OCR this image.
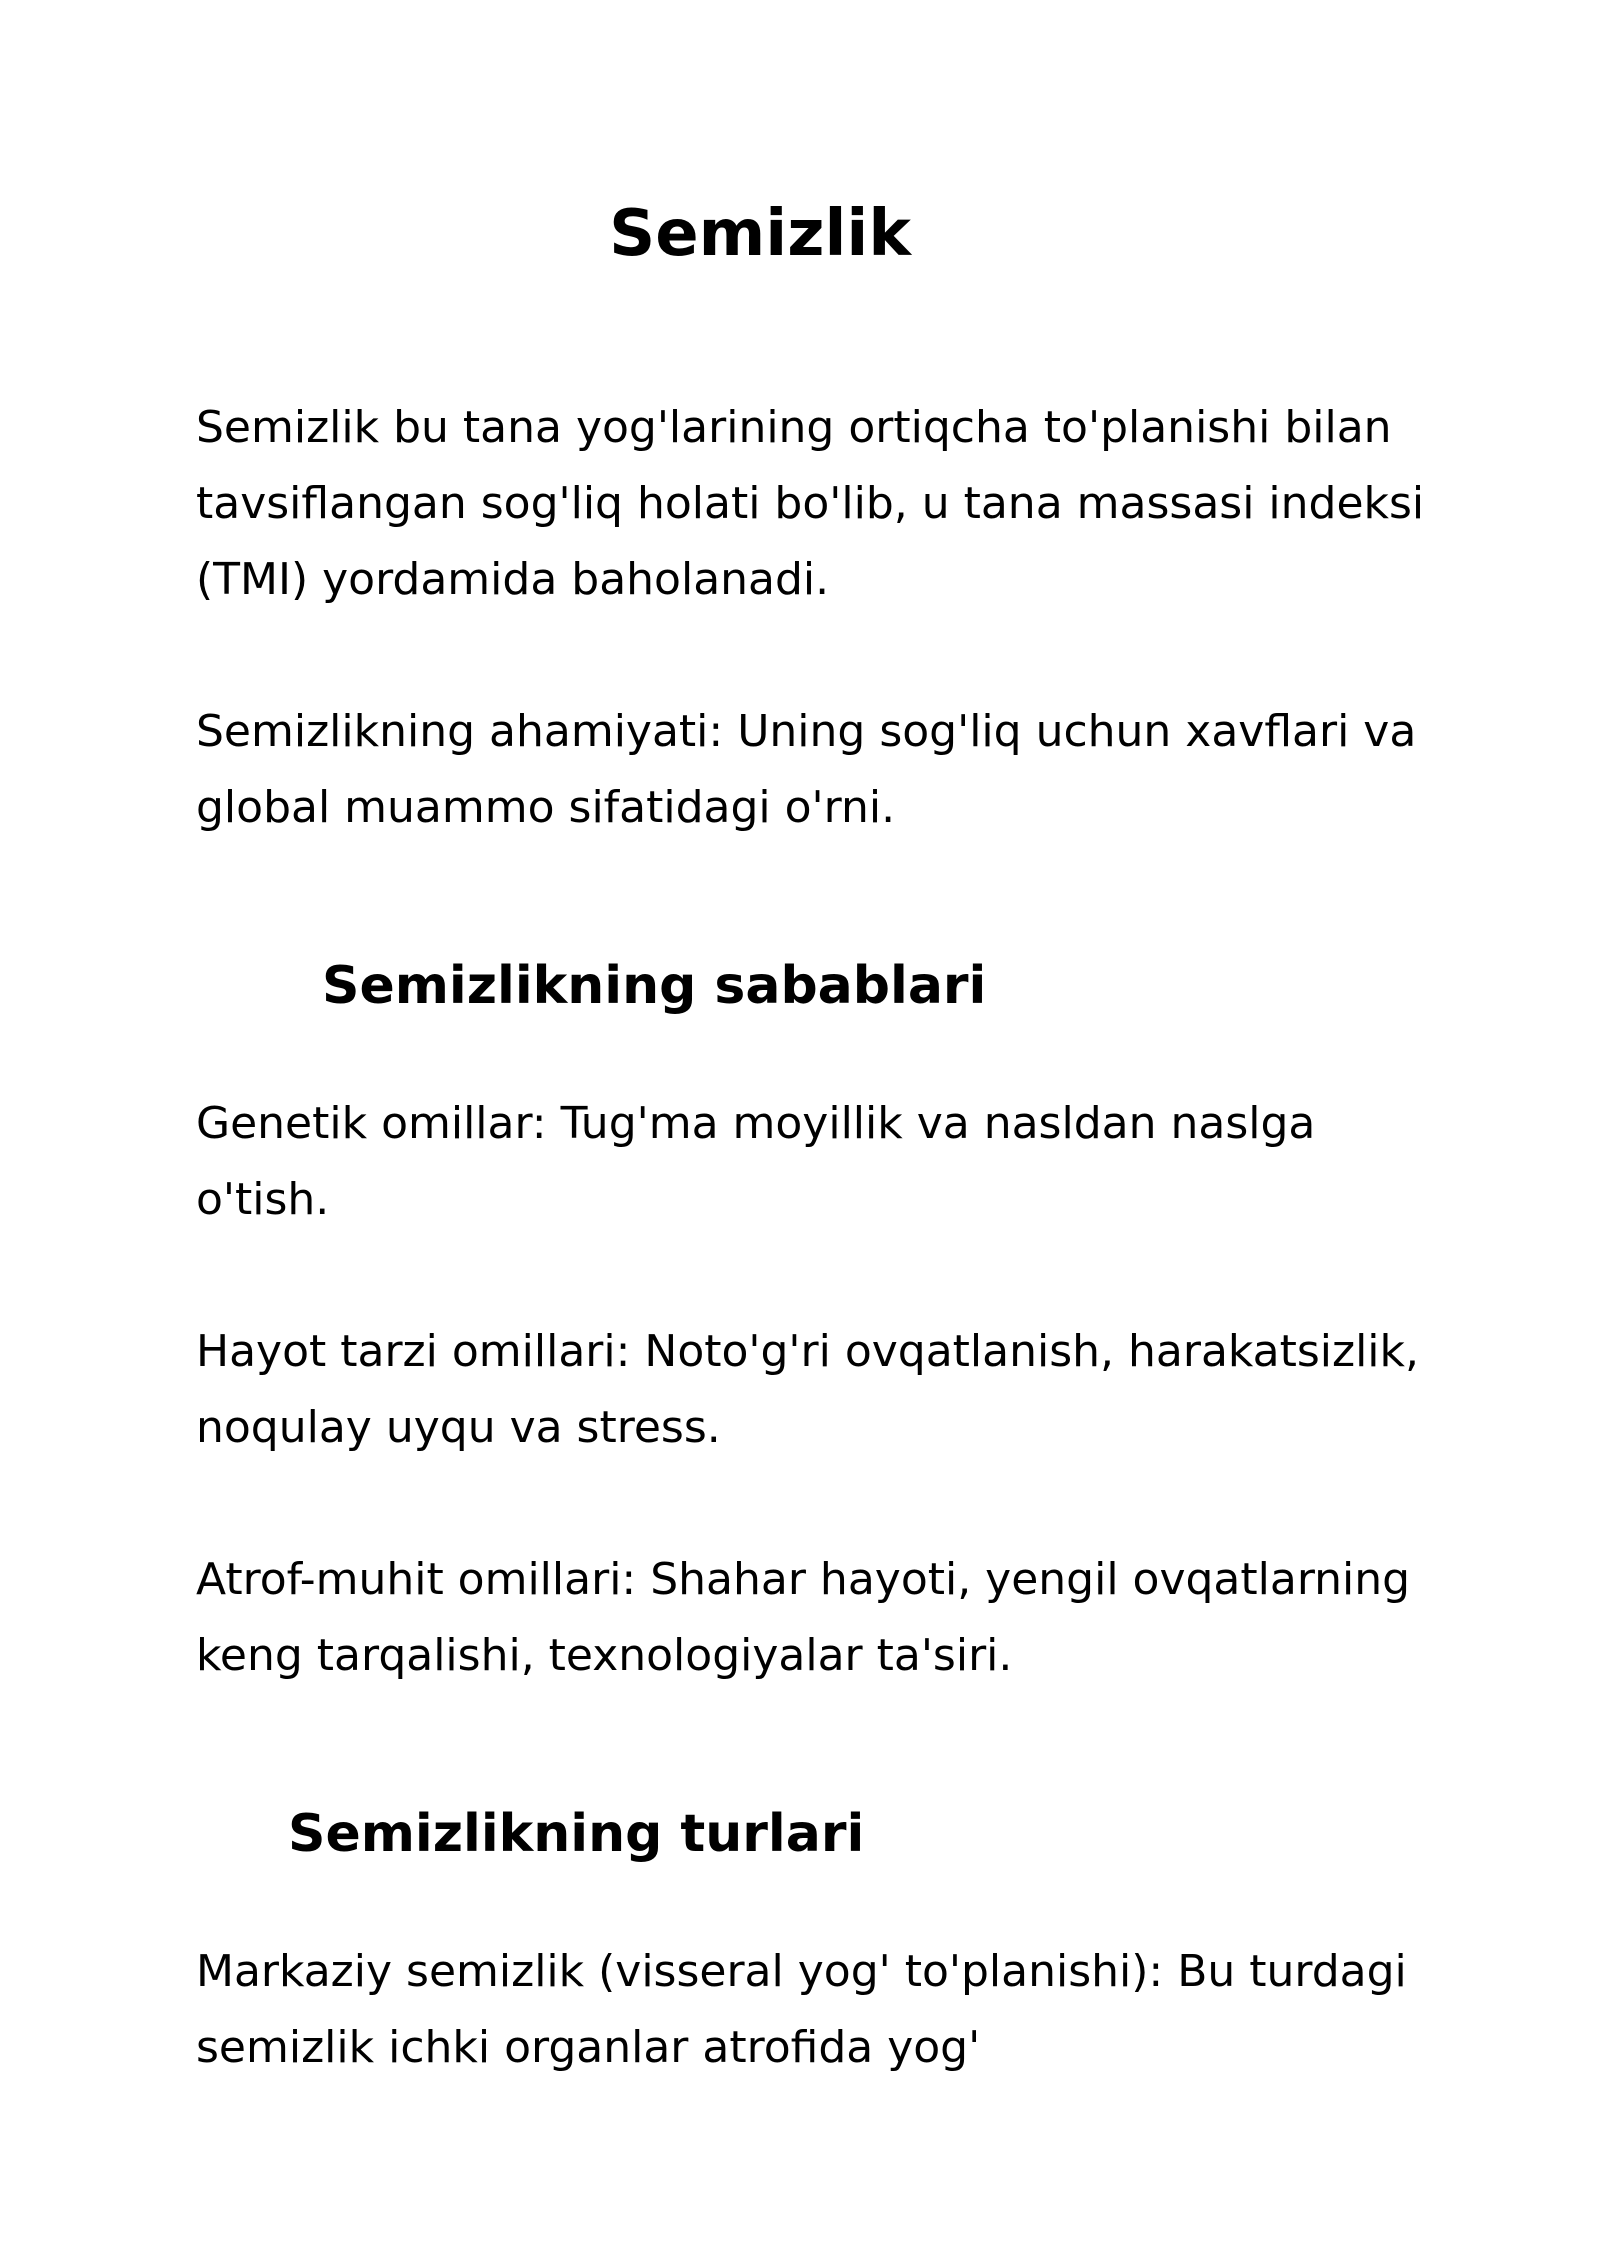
Semizlik

Semizlik bu tana yog'larining ortiqcha to'planishi bilan tavsiflangan sog'liq holati bo'lib, u tana massasi indeksi (TMI) yordamida baholanadi.

Semizlikning ahamiyati: Uning sog'liq uchun xavflari va global muammo sifatidagi o'rni.

Semizlikning sabablari

Genetik omillar: Tug'ma moyillik va nasldan naslga o'tish.

Hayot tarzi omillari: Noto'g'ri ovqatlanish, harakatsizlik, noqulay uyqu va stress.

Atrof-muhit omillari: Shahar hayoti, yengil ovqatlarning keng tarqalishi, texnologiyalar ta'siri.

Semizlikning turlari

Markaziy semizlik (visseral yog' to'planishi): Bu turdagi semizlik ichki organlar atrofida yog'
